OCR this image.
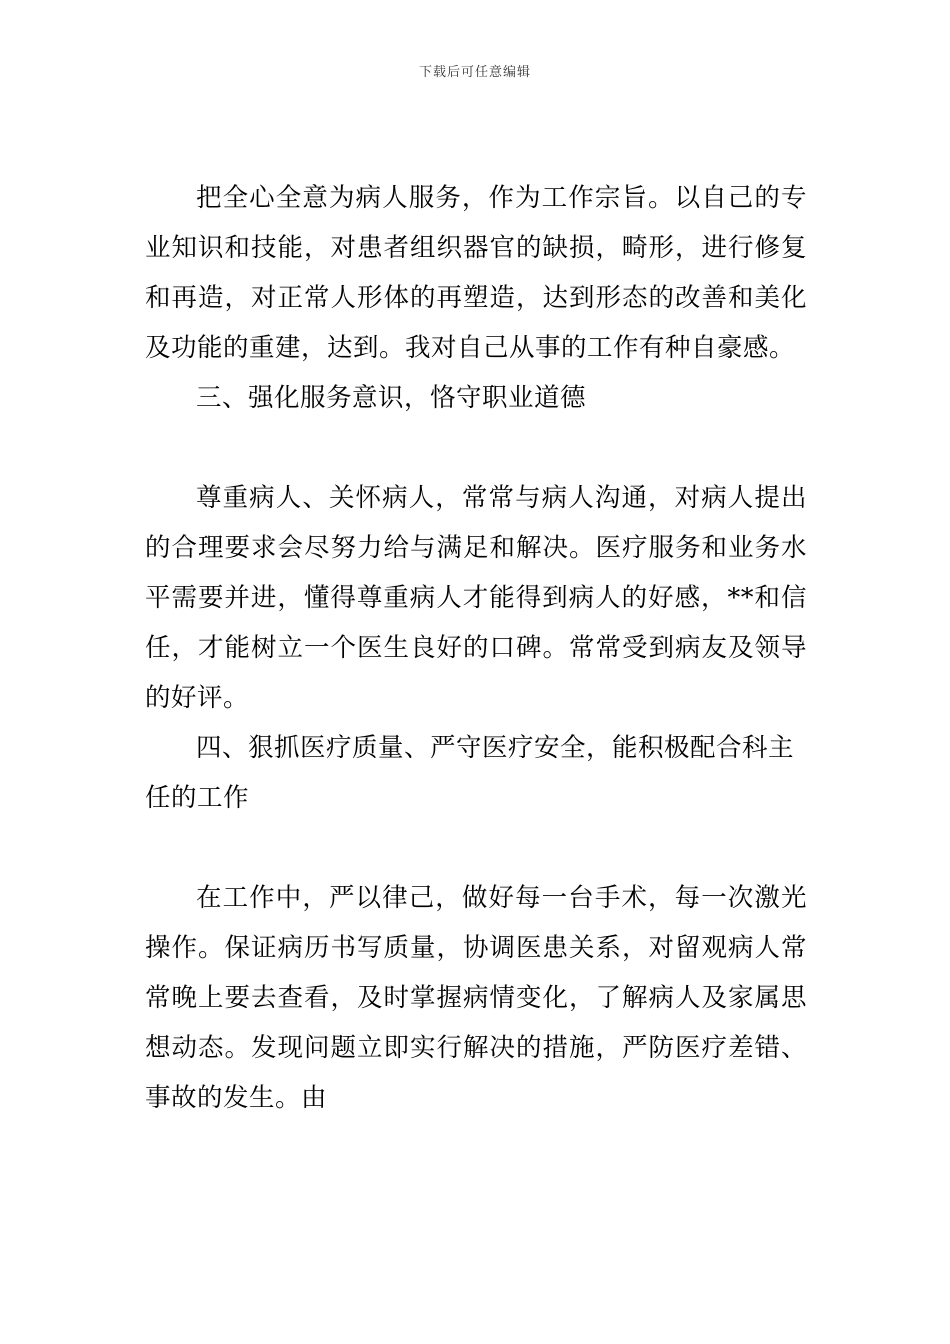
下载后可任意编辑

把全心全意为病人服务，作为工作宗旨。以自己的专业知识和技能，对患者组织器官的缺损，畸形，进行修复和再造，对正常人形体的再塑造，达到形态的改善和美化及功能的重建，达到。我对自己从事的工作有种自豪感。

三、强化服务意识，恪守职业道德

尊重病人、关怀病人，常常与病人沟通，对病人提出的合理要求会尽努力给与满足和解决。医疗服务和业务水平需要并进，懂得尊重病人才能得到病人的好感，**和信任，才能树立一个医生良好的口碑。常常受到病友及领导的好评。

四、狠抓医疗质量、严守医疗安全，能积极配合科主任的工作

在工作中，严以律己，做好每一台手术，每一次激光操作。保证病历书写质量，协调医患关系，对留观病人常常晚上要去查看，及时掌握病情变化，了解病人及家属思想动态。发现问题立即实行解决的措施，严防医疗差错、事故的发生。由
